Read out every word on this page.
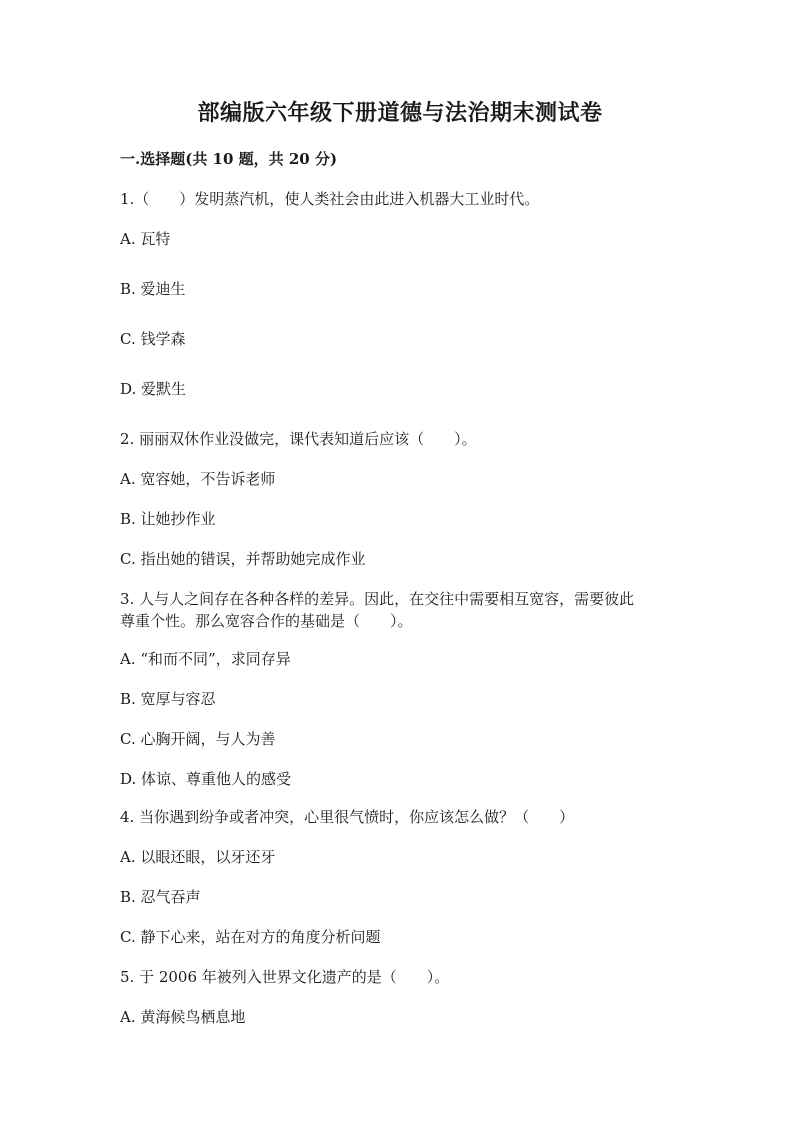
部编版六年级下册道德与法治期末测试卷
一.选择题(共 10 题，共 20 分)

1.（　　）发明蒸汽机，使人类社会由此进入机器大工业时代。

A. 瓦特

B. 爱迪生

C. 钱学森

D. 爱默生

2. 丽丽双休作业没做完，课代表知道后应该（　　）。

A. 宽容她，不告诉老师

B. 让她抄作业

C. 指出她的错误，并帮助她完成作业

3. 人与人之间存在各种各样的差异。因此，在交往中需要相互宽容，需要彼此

尊重个性。那么宽容合作的基础是（　　）。

A. “和而不同”，求同存异

B. 宽厚与容忍

C. 心胸开阔，与人为善

D. 体谅、尊重他人的感受

4. 当你遇到纷争或者冲突，心里很气愤时，你应该怎么做？（　　）

A. 以眼还眼，以牙还牙

B. 忍气吞声

C. 静下心来，站在对方的角度分析问题

5. 于 2006 年被列入世界文化遗产的是（　　）。

A. 黄海候鸟栖息地
